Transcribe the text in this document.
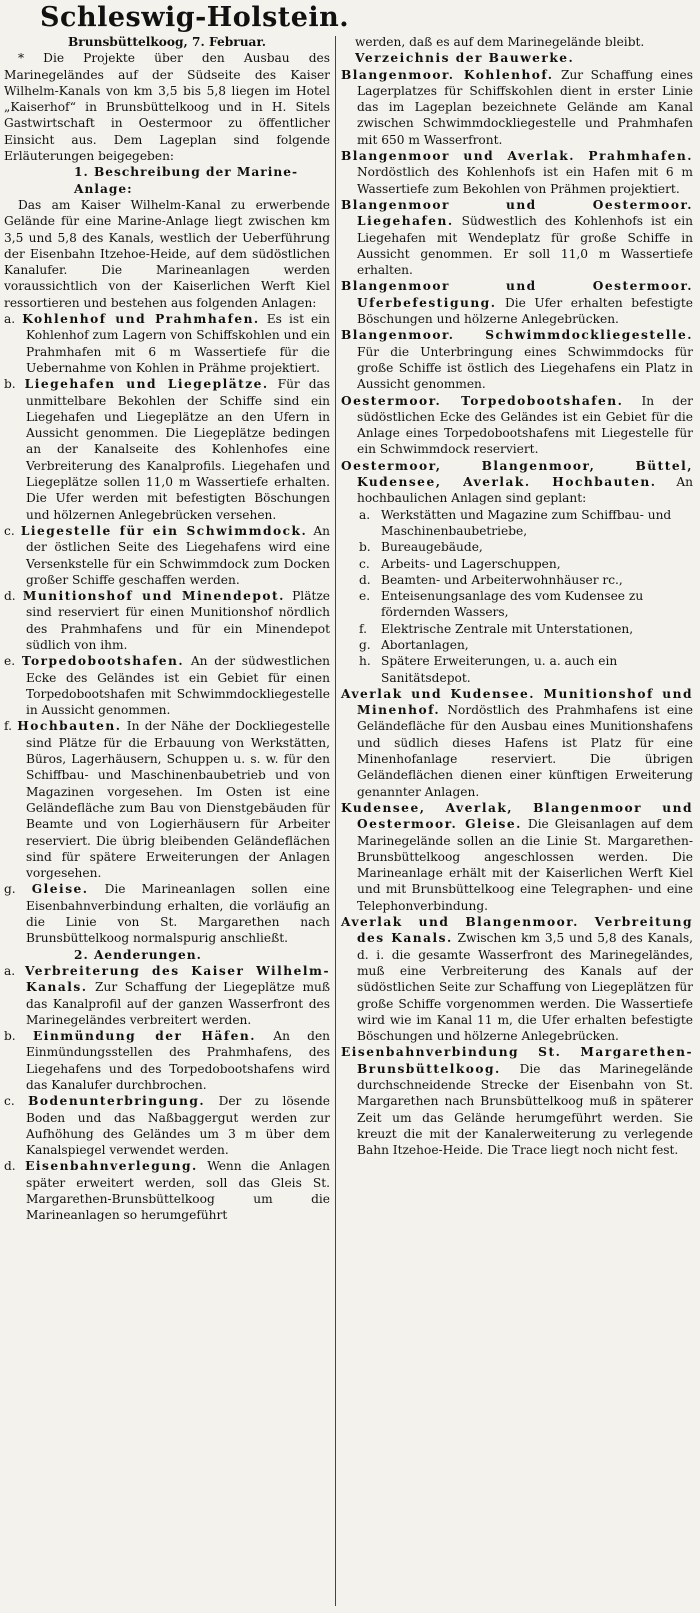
Schleswig-Holstein.

Brunsbüttelkoog, 7. Februar.

* Die Projekte über den Ausbau des Marinegeländes auf der Südseite des Kaiser Wilhelm-Kanals von km 3,5 bis 5,8 liegen im Hotel „Kaiserhof“ in Brunsbüttelkoog und in H. Sitels Gastwirtschaft in Oestermoor zu öffentlicher Einsicht aus. Dem Lageplan sind folgende Erläuterungen beigegeben:

1. Beschreibung der Marine-Anlage:

Das am Kaiser Wilhelm-Kanal zu erwerbende Gelände für eine Marine-Anlage liegt zwischen km 3,5 und 5,8 des Kanals, westlich der Ueberführung der Eisenbahn Itzehoe-Heide, auf dem südöstlichen Kanalufer. Die Marineanlagen werden voraussichtlich von der Kaiserlichen Werft Kiel ressortieren und bestehen aus folgenden Anlagen:

a. Kohlenhof und Prahmhafen. Es ist ein Kohlenhof zum Lagern von Schiffskohlen und ein Prahmhafen mit 6 m Wassertiefe für die Uebernahme von Kohlen in Prähme projektiert.

b. Liegehafen und Liegeplätze. Für das unmittelbare Bekohlen der Schiffe sind ein Liegehafen und Liegeplätze an den Ufern in Aussicht genommen. Die Liegeplätze bedingen an der Kanalseite des Kohlenhofes eine Verbreiterung des Kanalprofils. Liegehafen und Liegeplätze sollen 11,0 m Wassertiefe erhalten. Die Ufer werden mit befestigten Böschungen und hölzernen Anlegebrücken versehen.

c. Liegestelle für ein Schwimmdock. An der östlichen Seite des Liegehafens wird eine Versenkstelle für ein Schwimmdock zum Docken großer Schiffe geschaffen werden.

d. Munitionshof und Minendepot. Plätze sind reserviert für einen Munitionshof nördlich des Prahmhafens und für ein Minendepot südlich von ihm.

e. Torpedobootshafen. An der südwestlichen Ecke des Geländes ist ein Gebiet für einen Torpedobootshafen mit Schwimmdockliegestelle in Aussicht genommen.

f. Hochbauten. In der Nähe der Dockliegestelle sind Plätze für die Erbauung von Werkstätten, Büros, Lagerhäusern, Schuppen u. s. w. für den Schiffbau- und Maschinenbaubetrieb und von Magazinen vorgesehen. Im Osten ist eine Geländefläche zum Bau von Dienstgebäuden für Beamte und von Logierhäusern für Arbeiter reserviert. Die übrig bleibenden Geländeflächen sind für spätere Erweiterungen der Anlagen vorgesehen.

g. Gleise. Die Marineanlagen sollen eine Eisenbahnverbindung erhalten, die vorläufig an die Linie von St. Margarethen nach Brunsbüttelkoog normalspurig anschließt.

2. Aenderungen.

a. Verbreiterung des Kaiser Wilhelm-Kanals. Zur Schaffung der Liegeplätze muß das Kanalprofil auf der ganzen Wasserfront des Marinegeländes verbreitert werden.

b. Einmündung der Häfen. An den Einmündungsstellen des Prahmhafens, des Liegehafens und des Torpedobootshafens wird das Kanalufer durchbrochen.

c. Bodenunterbringung. Der zu lösende Boden und das Naßbaggergut werden zur Aufhöhung des Geländes um 3 m über dem Kanalspiegel verwendet werden.

d. Eisenbahnverlegung. Wenn die Anlagen später erweitert werden, soll das Gleis St. Margarethen-Brunsbüttelkoog um die Marineanlagen so herumgeführt

werden, daß es auf dem Marinegelände bleibt.

Verzeichnis der Bauwerke.

Blangenmoor. Kohlenhof. Zur Schaffung eines Lagerplatzes für Schiffskohlen dient in erster Linie das im Lageplan bezeichnete Gelände am Kanal zwischen Schwimmdockliegestelle und Prahmhafen mit 650 m Wasserfront.

Blangenmoor und Averlak. Prahmhafen. Nordöstlich des Kohlenhofs ist ein Hafen mit 6 m Wassertiefe zum Bekohlen von Prähmen projektiert.

Blangenmoor und Oestermoor. Liegehafen. Südwestlich des Kohlenhofs ist ein Liegehafen mit Wendeplatz für große Schiffe in Aussicht genommen. Er soll 11,0 m Wassertiefe erhalten.

Blangenmoor und Oestermoor. Uferbefestigung. Die Ufer erhalten befestigte Böschungen und hölzerne Anlegebrücken.

Blangenmoor. Schwimmdockliegestelle. Für die Unterbringung eines Schwimmdocks für große Schiffe ist östlich des Liegehafens ein Platz in Aussicht genommen.

Oestermoor. Torpedobootshafen. In der südöstlichen Ecke des Geländes ist ein Gebiet für die Anlage eines Torpedobootshafens mit Liegestelle für ein Schwimmdock reserviert.

Oestermoor, Blangenmoor, Büttel, Kudensee, Averlak. Hochbauten. An hochbaulichen Anlagen sind geplant:

a. Werkstätten und Magazine zum Schiffbau- und Maschinenbaubetriebe,
b. Bureaugebäude,
c. Arbeits- und Lagerschuppen,
d. Beamten- und Arbeiterwohnhäuser rc.,
e. Enteisenungsanlage des vom Kudensee zu fördernden Wassers,
f.	Elektrische Zentrale mit Unterstationen,
g. Abortanlagen,
h. Spätere Erweiterungen, u. a. auch ein Sanitätsdepot.

Averlak und Kudensee. Munitionshof und Minenhof. Nordöstlich des Prahmhafens ist eine Geländefläche für den Ausbau eines Munitionshafens und südlich dieses Hafens ist Platz für eine Minenhofanlage reserviert. Die übrigen Geländeflächen dienen einer künftigen Erweiterung genannter Anlagen.

Kudensee, Averlak, Blangenmoor und Oestermoor. Gleise. Die Gleisanlagen auf dem Marinegelände sollen an die Linie St. Margarethen-Brunsbüttelkoog angeschlossen werden. Die Marineanlage erhält mit der Kaiserlichen Werft Kiel und mit Brunsbüttelkoog eine Telegraphen- und eine Telephonverbindung.

Averlak und Blangenmoor. Verbreitung des Kanals. Zwischen km 3,5 und 5,8 des Kanals, d. i. die gesamte Wasserfront des Marinegeländes, muß eine Verbreiterung des Kanals auf der südöstlichen Seite zur Schaffung von Liegeplätzen für große Schiffe vorgenommen werden. Die Wassertiefe wird wie im Kanal 11 m, die Ufer erhalten befestigte Böschungen und hölzerne Anlegebrücken.

Eisenbahnverbindung St. Margarethen-Brunsbüttelkoog. Die das Marinegelände durchschneidende Strecke der Eisenbahn von St. Margarethen nach Brunsbüttelkoog muß in späterer Zeit um das Gelände herumgeführt werden. Sie kreuzt die mit der Kanalerweiterung zu verlegende Bahn Itzehoe-Heide. Die Trace liegt noch nicht fest.
